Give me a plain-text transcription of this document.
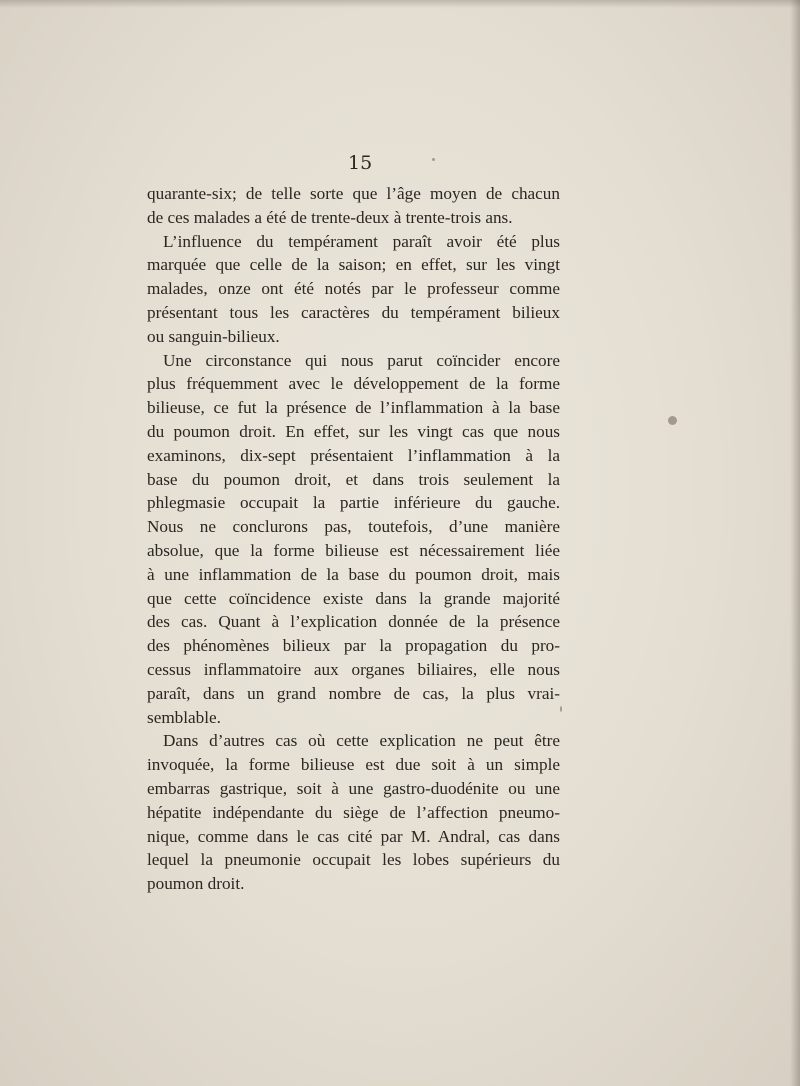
15
quarante-six; de telle sorte que l’âge moyen de chacun
de ces malades a été de trente-deux à trente-trois ans.
L’influence du tempérament paraît avoir été plus
marquée que celle de la saison; en effet, sur les vingt
malades, onze ont été notés par le professeur comme
présentant tous les caractères du tempérament bilieux
ou sanguin-bilieux.
Une circonstance qui nous parut coïncider encore
plus fréquemment avec le développement de la forme
bilieuse, ce fut la présence de l’inflammation à la base
du poumon droit. En effet, sur les vingt cas que nous
examinons, dix-sept présentaient l’inflammation à la
base du poumon droit, et dans trois seulement la
phlegmasie occupait la partie inférieure du gauche.
Nous ne conclurons pas, toutefois, d’une manière
absolue, que la forme bilieuse est nécessairement liée
à une inflammation de la base du poumon droit, mais
que cette coïncidence existe dans la grande majorité
des cas. Quant à l’explication donnée de la présence
des phénomènes bilieux par la propagation du pro-
cessus inflammatoire aux organes biliaires, elle nous
paraît, dans un grand nombre de cas, la plus vrai-
semblable.
Dans d’autres cas où cette explication ne peut être
invoquée, la forme bilieuse est due soit à un simple
embarras gastrique, soit à une gastro-duodénite ou une
hépatite indépendante du siège de l’affection pneumo-
nique, comme dans le cas cité par M. Andral, cas dans
lequel la pneumonie occupait les lobes supérieurs du
poumon droit.
